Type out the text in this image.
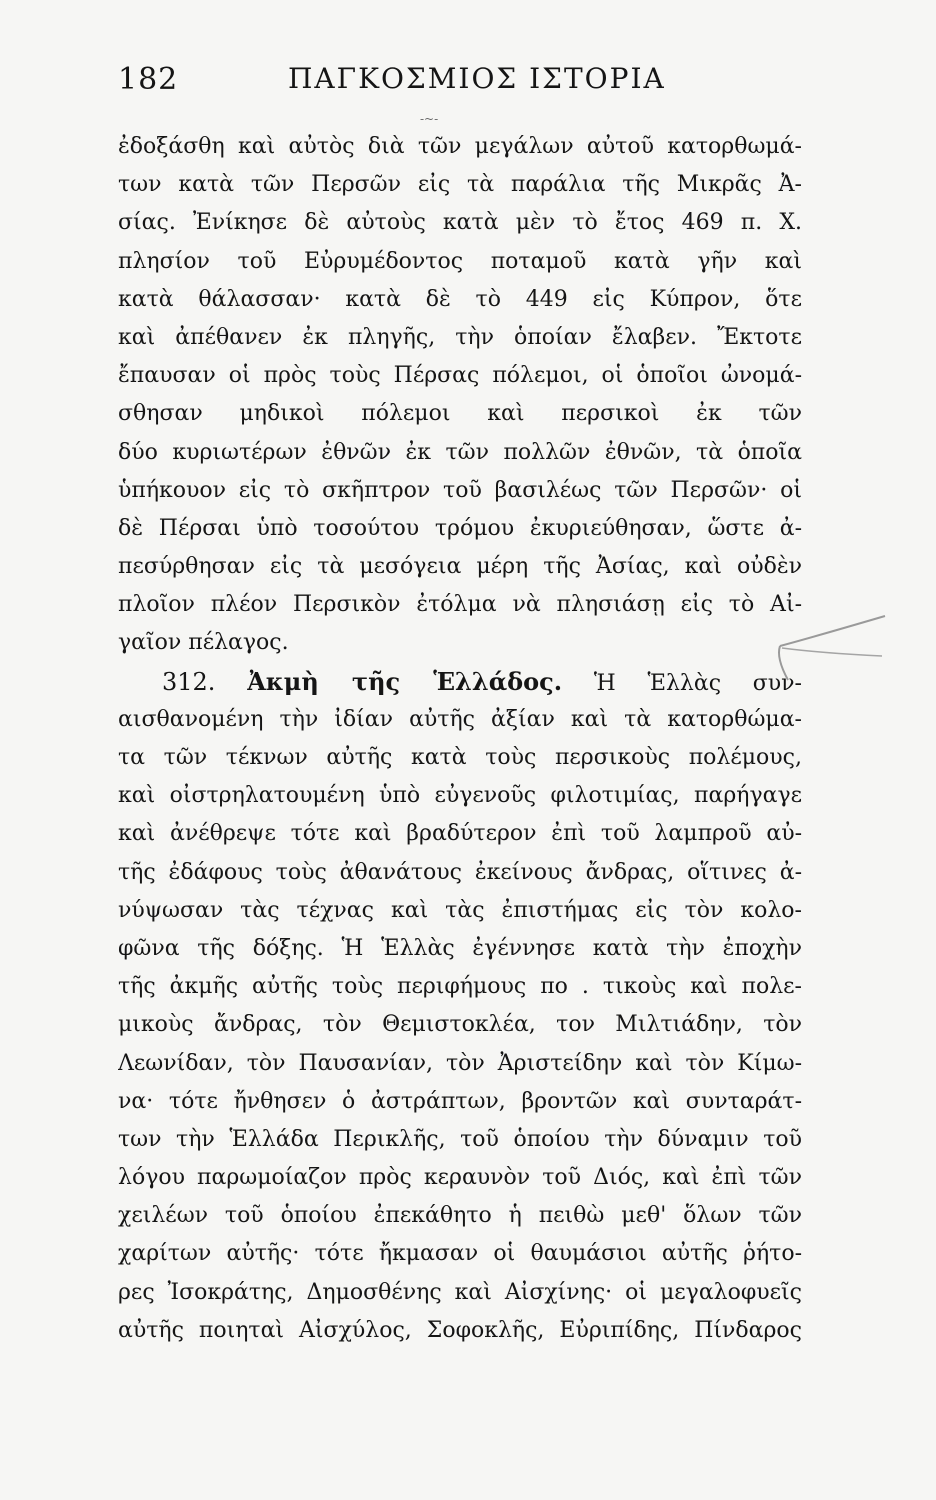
182	ΠΑΓΚΟΣΜΙΟΣ ΙΣΤΟΡΙΑ
-~-
ἐδοξάσθη καὶ αὐτὸς διὰ τῶν μεγάλων αὐτοῦ κατορθωμά-
των κατὰ τῶν Περσῶν εἰς τὰ παράλια τῆς Μικρᾶς Ἀ-
σίας. Ἐνίκησε δὲ αὐτοὺς κατὰ μὲν τὸ ἔτος 469 π. Χ.
πλησίον τοῦ Εὐρυμέδοντος ποταμοῦ κατὰ γῆν καὶ
κατὰ θάλασσαν· κατὰ δὲ τὸ 449 εἰς Κύπρον, ὅτε
καὶ ἀπέθανεν ἐκ πληγῆς, τὴν ὁποίαν ἔλαβεν. Ἔκτοτε
ἔπαυσαν οἱ πρὸς τοὺς Πέρσας πόλεμοι, οἱ ὁποῖοι ὠνομά-
σθησαν μηδικοὶ πόλεμοι καὶ περσικοὶ ἐκ τῶν
δύο κυριωτέρων ἐθνῶν ἐκ τῶν πολλῶν ἐθνῶν, τὰ ὁποῖα
ὑπήκουον εἰς τὸ σκῆπτρον τοῦ βασιλέως τῶν Περσῶν· οἱ
δὲ Πέρσαι ὑπὸ τοσούτου τρόμου ἐκυριεύθησαν, ὥστε ἀ-
πεσύρθησαν εἰς τὰ μεσόγεια μέρη τῆς Ἀσίας, καὶ οὐδὲν
πλοῖον πλέον Περσικὸν ἐτόλμα νὰ πλησιάσῃ εἰς τὸ Αἰ-
γαῖον πέλαγος.
312. Ἀκμὴ τῆς Ἑλλάδος. Ἡ Ἑλλὰς συν-
αισθανομένη τὴν ἰδίαν αὐτῆς ἀξίαν καὶ τὰ κατορθώμα-
τα τῶν τέκνων αὐτῆς κατὰ τοὺς περσικοὺς πολέμους,
καὶ οἰστρηλατουμένη ὑπὸ εὐγενοῦς φιλοτιμίας, παρήγαγε
καὶ ἀνέθρεψε τότε καὶ βραδύτερον ἐπὶ τοῦ λαμπροῦ αὐ-
τῆς ἐδάφους τοὺς ἀθανάτους ἐκείνους ἄνδρας, οἵτινες ἀ-
νύψωσαν τὰς τέχνας καὶ τὰς ἐπιστήμας εἰς τὸν κολο-
φῶνα τῆς δόξης. Ἡ Ἑλλὰς ἐγέννησε κατὰ τὴν ἐποχὴν
τῆς ἀκμῆς αὐτῆς τοὺς περιφήμους πο . τικοὺς καὶ πολε-
μικοὺς ἄνδρας, τὸν Θεμιστοκλέα, τον Μιλτιάδην, τὸν
Λεωνίδαν, τὸν Παυσανίαν, τὸν Ἀριστείδην καὶ τὸν Κίμω-
να· τότε ἤνθησεν ὁ ἀστράπτων, βροντῶν καὶ συνταράτ-
των τὴν Ἑλλάδα Περικλῆς, τοῦ ὁποίου τὴν δύναμιν τοῦ
λόγου παρωμοίαζον πρὸς κεραυνὸν τοῦ Διός, καὶ ἐπὶ τῶν
χειλέων τοῦ ὁποίου ἐπεκάθητο ἡ πειθὼ μεθ' ὅλων τῶν
χαρίτων αὐτῆς· τότε ἤκμασαν οἱ θαυμάσιοι αὐτῆς ῥήτο-
ρες Ἰσοκράτης, Δημοσθένης καὶ Αἰσχίνης· οἱ μεγαλοφυεῖς
αὐτῆς ποιηταὶ Αἰσχύλος, Σοφοκλῆς, Εὐριπίδης, Πίνδαρος
